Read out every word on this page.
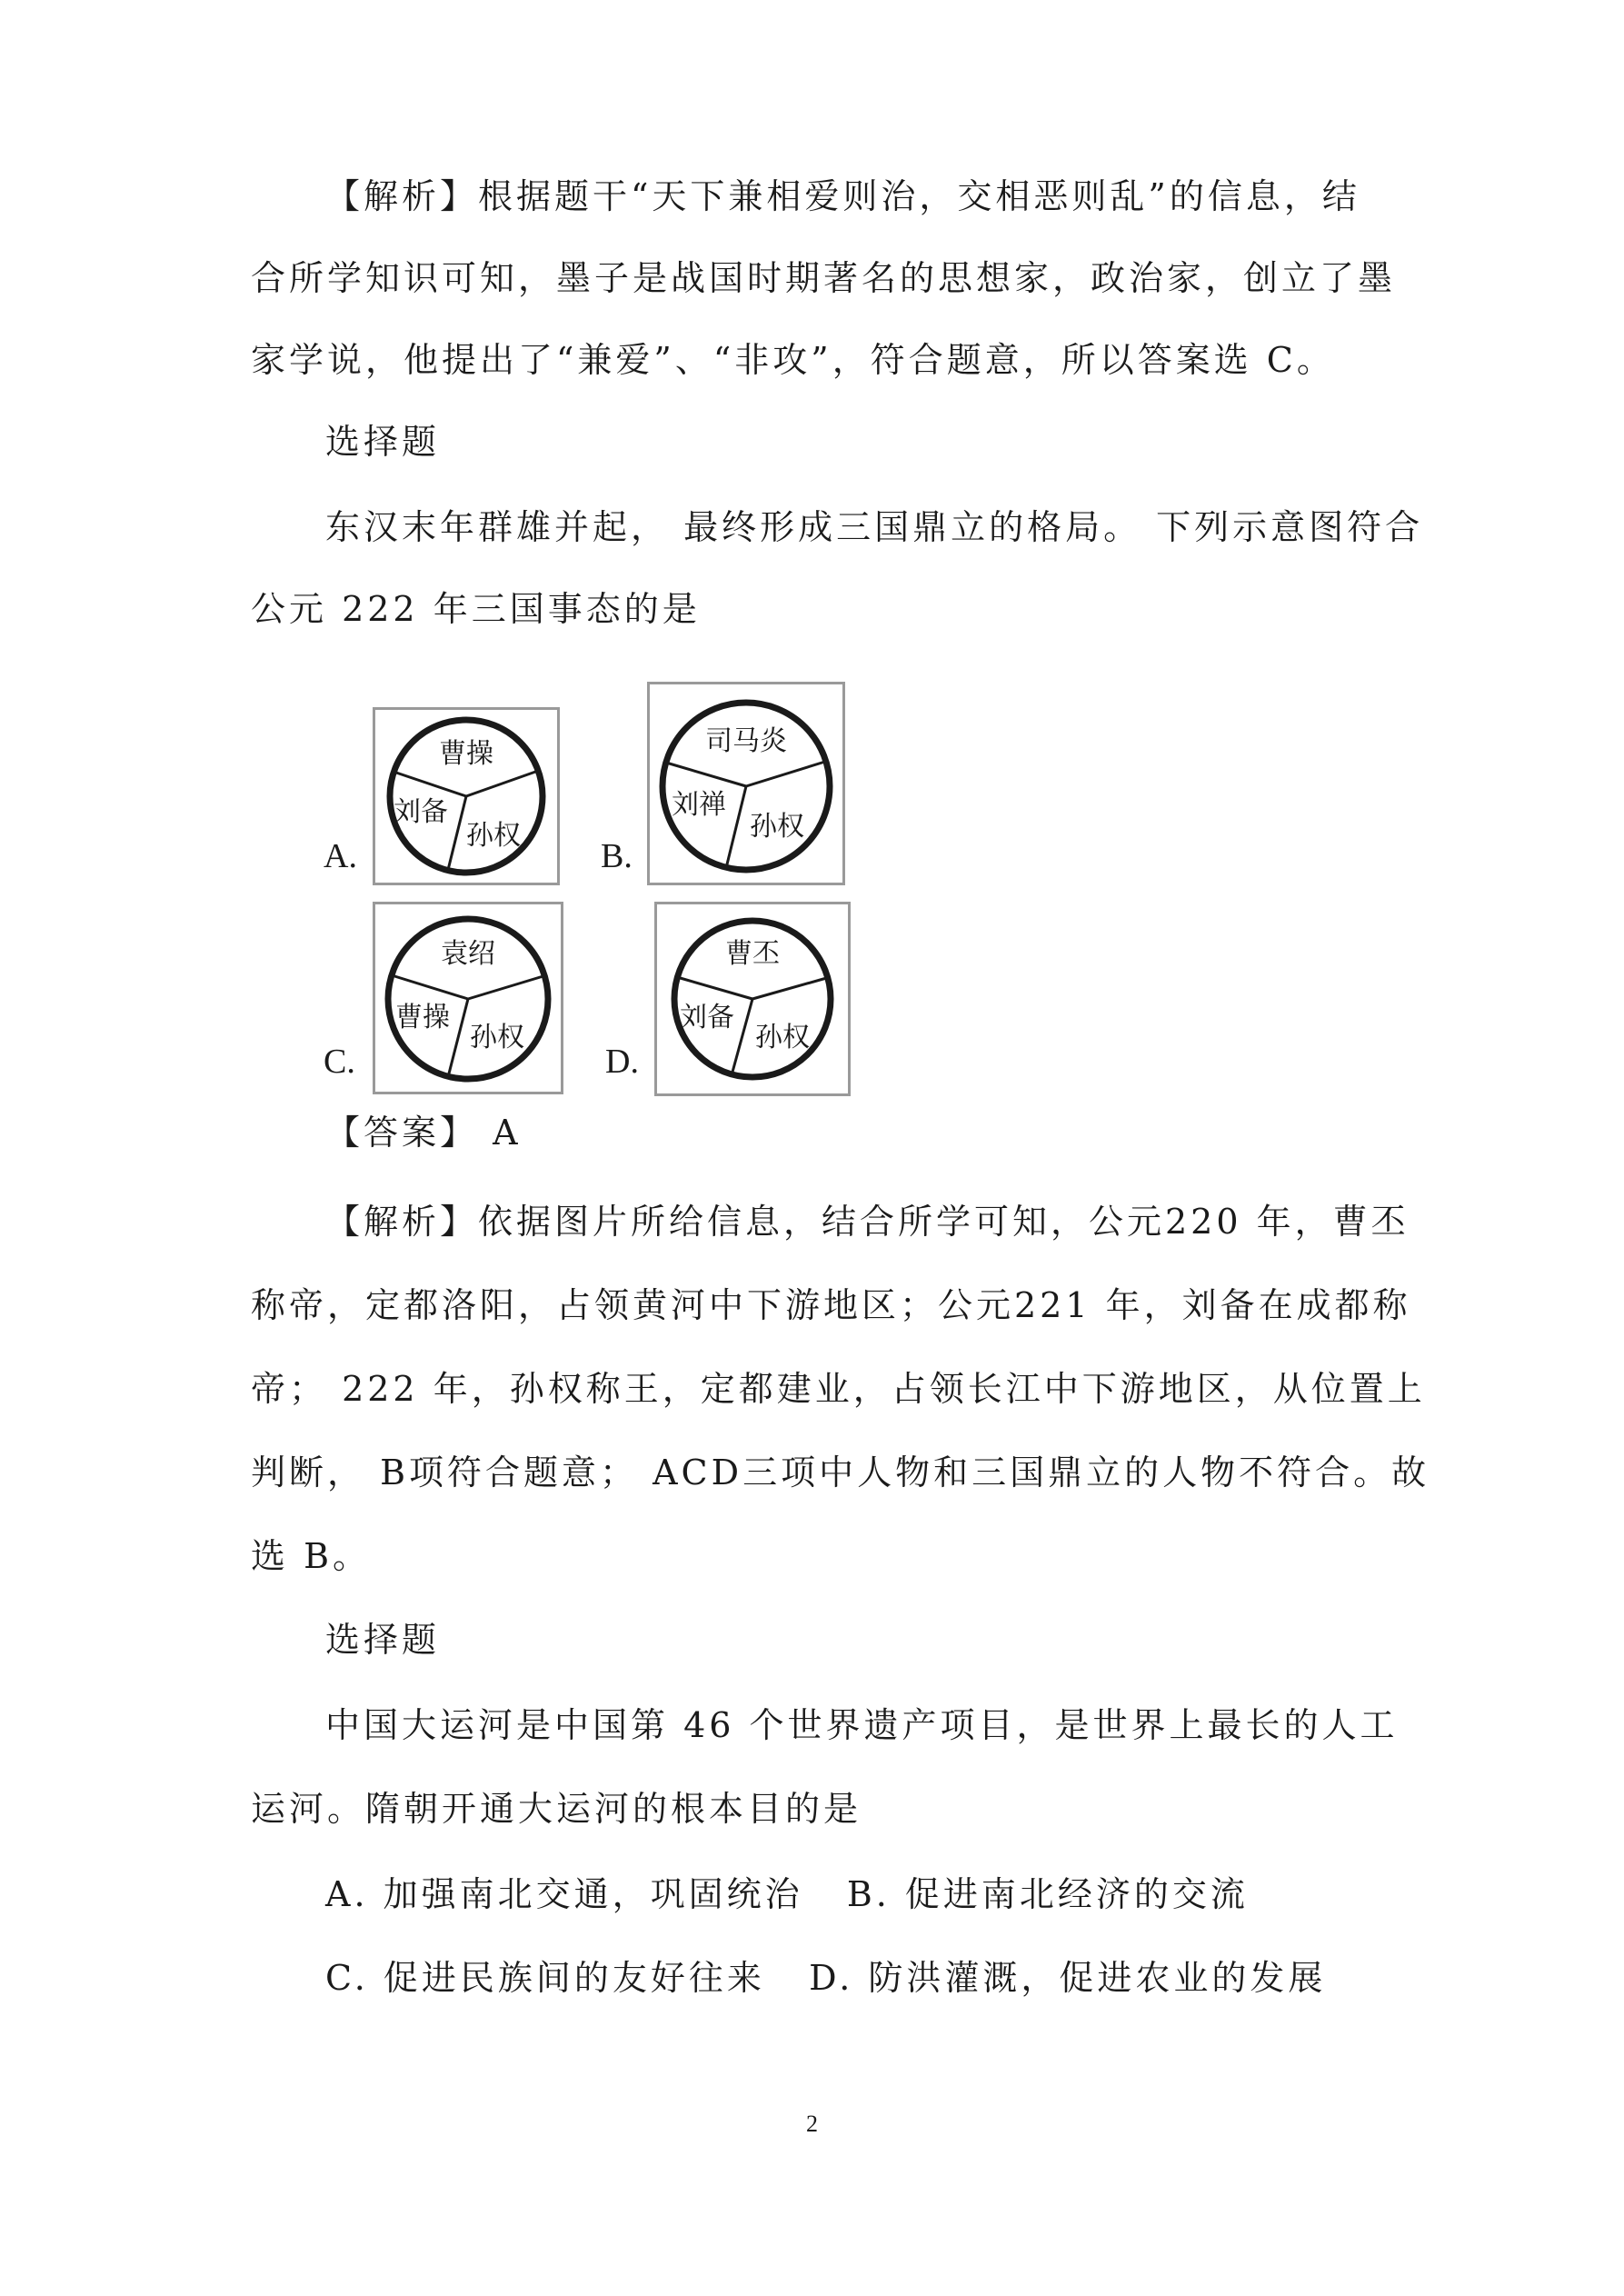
【解析】根据题干“天下兼相爱则治，交相恶则乱”的信息，结
合所学知识可知，墨子是战国时期著名的思想家，政治家，创立了墨
家学说，他提出了“兼爱”、“非攻”，符合题意，所以答案选 C。
选择题
东汉末年群雄并起， 最终形成三国鼎立的格局。 下列示意图符合
公元 222 年三国事态的是
A.
曹操
刘备
孙权
B.
司马炎
刘禅
孙权
C.
袁绍
曹操
孙权
D.
曹丕
刘备
孙权
【答案】 A
【解析】依据图片所给信息，结合所学可知，公元220 年，曹丕
称帝，定都洛阳，占领黄河中下游地区；公元221 年，刘备在成都称
帝； 222 年，孙权称王，定都建业，占领长江中下游地区，从位置上
判断， B项符合题意； ACD三项中人物和三国鼎立的人物不符合。故
选 B。
选择题
中国大运河是中国第 46 个世界遗产项目，是世界上最长的人工
运河。隋朝开通大运河的根本目的是
A. 加强南北交通，巩固统治   B. 促进南北经济的交流
C. 促进民族间的友好往来   D. 防洪灌溉，促进农业的发展
2
